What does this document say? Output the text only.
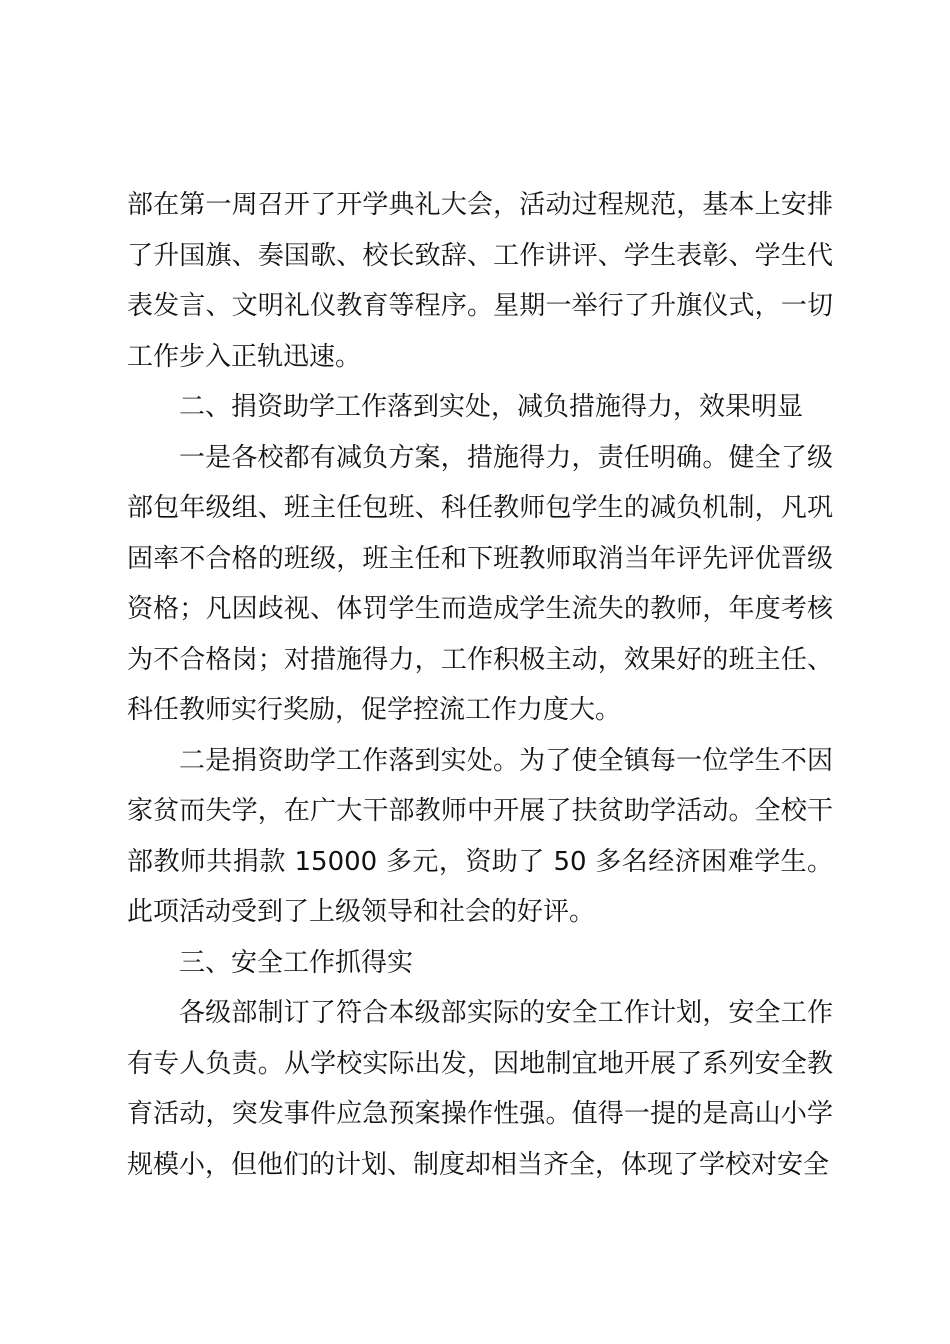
部在第一周召开了开学典礼大会，活动过程规范，基本上安排了升国旗、奏国歌、校长致辞、工作讲评、学生表彰、学生代表发言、文明礼仪教育等程序。星期一举行了升旗仪式，一切工作步入正轨迅速。

二、捐资助学工作落到实处，减负措施得力，效果明显

一是各校都有减负方案，措施得力，责任明确。健全了级部包年级组、班主任包班、科任教师包学生的减负机制，凡巩固率不合格的班级，班主任和下班教师取消当年评先评优晋级资格；凡因歧视、体罚学生而造成学生流失的教师，年度考核为不合格岗；对措施得力，工作积极主动，效果好的班主任、科任教师实行奖励，促学控流工作力度大。

二是捐资助学工作落到实处。为了使全镇每一位学生不因家贫而失学，在广大干部教师中开展了扶贫助学活动。全校干部教师共捐款 15000 多元，资助了 50 多名经济困难学生。此项活动受到了上级领导和社会的好评。

三、安全工作抓得实

各级部制订了符合本级部实际的安全工作计划，安全工作有专人负责。从学校实际出发，因地制宜地开展了系列安全教育活动，突发事件应急预案操作性强。值得一提的是高山小学规模小，但他们的计划、制度却相当齐全，体现了学校对安全
